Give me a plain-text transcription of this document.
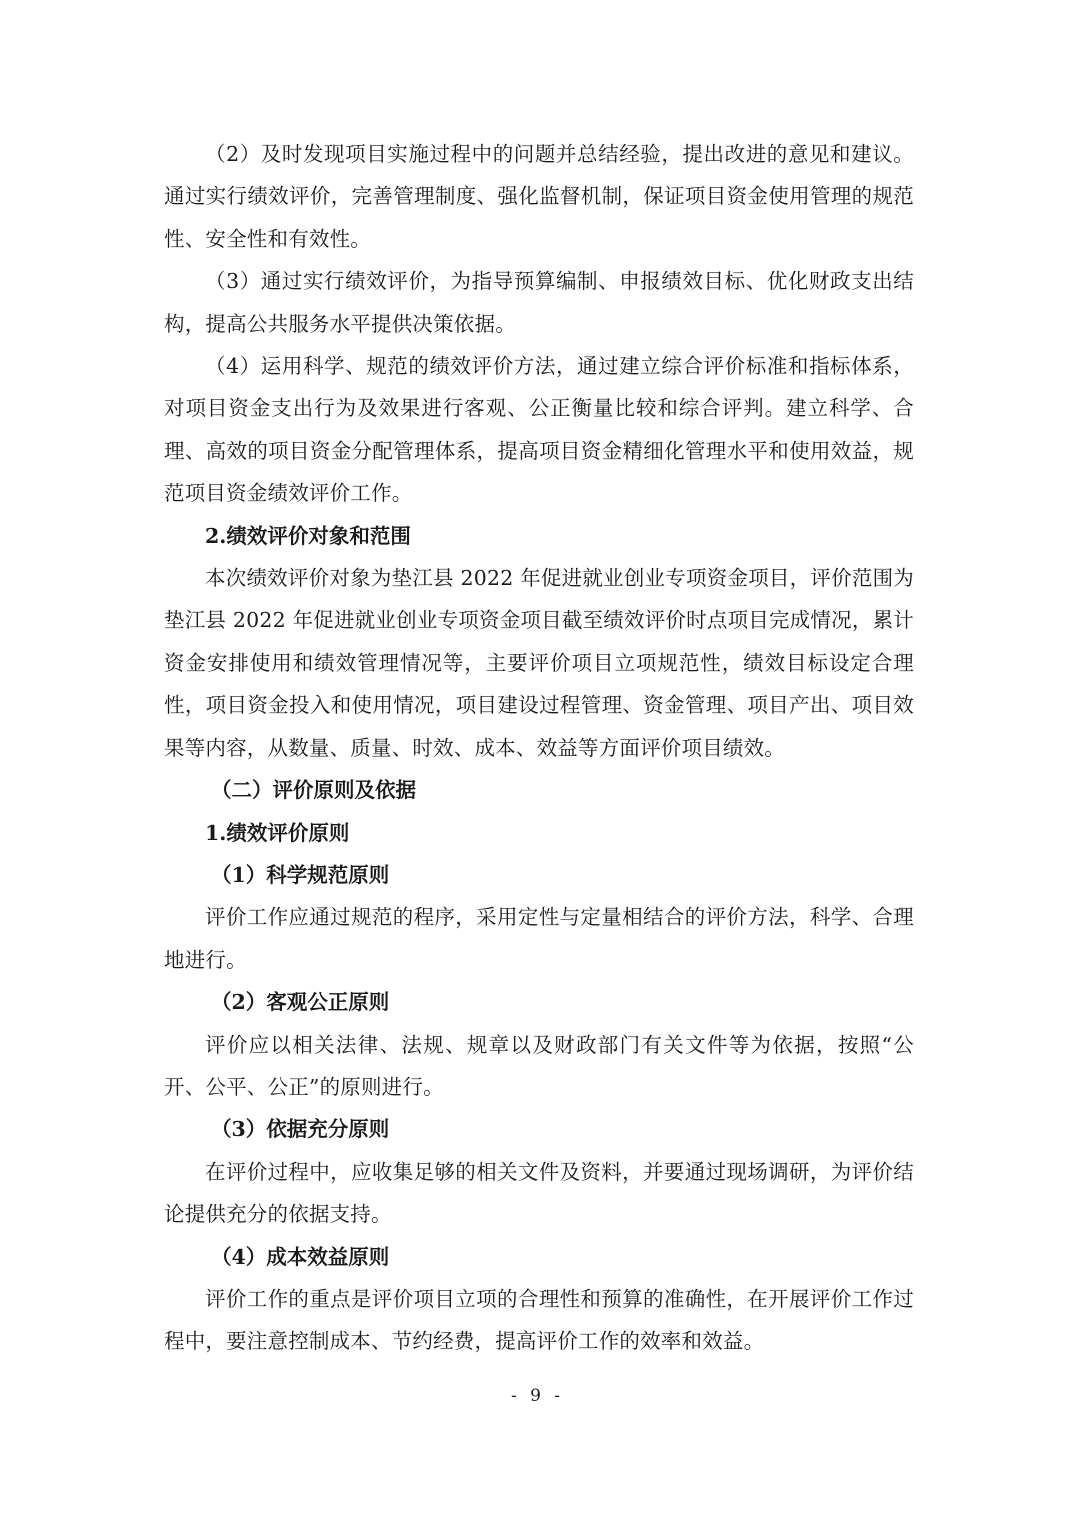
（2）及时发现项目实施过程中的问题并总结经验，提出改进的意见和建议。通过实行绩效评价，完善管理制度、强化监督机制，保证项目资金使用管理的规范性、安全性和有效性。

（3）通过实行绩效评价，为指导预算编制、申报绩效目标、优化财政支出结构，提高公共服务水平提供决策依据。

（4）运用科学、规范的绩效评价方法，通过建立综合评价标准和指标体系，对项目资金支出行为及效果进行客观、公正衡量比较和综合评判。建立科学、合理、高效的项目资金分配管理体系，提高项目资金精细化管理水平和使用效益，规范项目资金绩效评价工作。

2.绩效评价对象和范围

本次绩效评价对象为垫江县 2022 年促进就业创业专项资金项目，评价范围为垫江县 2022 年促进就业创业专项资金项目截至绩效评价时点项目完成情况，累计资金安排使用和绩效管理情况等，主要评价项目立项规范性，绩效目标设定合理性，项目资金投入和使用情况，项目建设过程管理、资金管理、项目产出、项目效果等内容，从数量、质量、时效、成本、效益等方面评价项目绩效。

（二）评价原则及依据

1.绩效评价原则

（1）科学规范原则

评价工作应通过规范的程序，采用定性与定量相结合的评价方法，科学、合理地进行。

（2）客观公正原则

评价应以相关法律、法规、规章以及财政部门有关文件等为依据，按照“公开、公平、公正”的原则进行。

（3）依据充分原则

在评价过程中，应收集足够的相关文件及资料，并要通过现场调研，为评价结论提供充分的依据支持。

（4）成本效益原则

评价工作的重点是评价项目立项的合理性和预算的准确性，在开展评价工作过程中，要注意控制成本、节约经费，提高评价工作的效率和效益。

- 9 -
